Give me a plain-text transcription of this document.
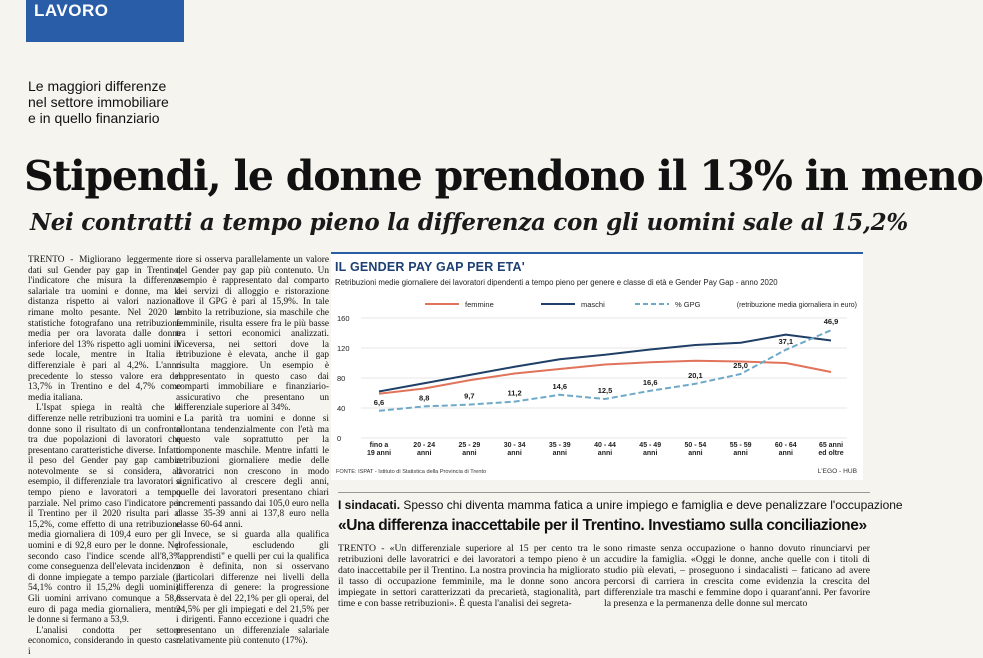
LAVORO
Le maggiori differenze
nel settore immobiliare
e in quello finanziario
Stipendi, le donne prendono il 13% in meno
Nei contratti a tempo pieno la differenza con gli uomini sale al 15,2%

TRENTO - Migliorano leggermente i dati sul Gender pay gap in Trentino, l'indicatore che misura la differenza salariale tra uomini e donne, ma la distanza rispetto ai valori nazionali rimane molto pesante. Nel 2020 le statistiche fotografano una retribuzione media per ora lavorata dalle donne inferiore del 13% rispetto agli uomini in sede locale, mentre in Italia il differenziale è pari al 4,2%. L'anno precedente lo stesso valore era del 13,7% in Trentino e del 4,7% come media italiana.

L'Ispat spiega in realtà che le differenze nelle retribuzioni tra uomini e donne sono il risultato di un confronto tra due popolazioni di lavoratori che presentano caratteristiche diverse. Infatti il peso del Gender pay gap cambia notevolmente se si considera, ad esempio, il differenziale tra lavoratori a tempo pieno e lavoratori a tempo parziale. Nel primo caso l'indicatore per il Trentino per il 2020 risulta pari al 15,2%, come effetto di una retribuzione media giornaliera di 109,4 euro per gli uomini e di 92,8 euro per le donne. Nel secondo caso l'indice scende all'8,3% come conseguenza dell'elevata incidenza di donne impiegate a tempo parziale (il 54,1% contro il 15,2% degli uomini). Gli uomini arrivano comunque a 58,8 euro di paga media giornaliera, mentre le donne si fermano a 53,9.

L'analisi condotta per settore economico, considerando in questo caso i

nore si osserva parallelamente un valore del Gender pay gap più contenuto. Un esempio è rappresentato dal comparto dei servizi di alloggio e ristorazione dove il GPG è pari al 15,9%. In tale ambito la retribuzione, sia maschile che femminile, risulta essere fra le più basse tra i settori economici analizzati. Viceversa, nei settori dove la retribuzione è elevata, anche il gap risulta maggiore. Un esempio è rappresentato in questo caso dai comparti immobiliare e finanziario-assicurativo che presentano un differenziale superiore al 34%.

La parità tra uomini e donne si allontana tendenzialmente con l'età ma questo vale soprattutto per la componente maschile. Mentre infatti le retribuzioni giornaliere medie delle lavoratrici non crescono in modo significativo al crescere degli anni, quelle dei lavoratori presentano chiari incrementi passando dai 105,0 euro nella classe 35-39 anni ai 137,8 euro nella classe 60-64 anni.

Invece, se si guarda alla qualifica professionale, escludendo gli "apprendisti" e quelli per cui la qualifica non è definita, non si osservano particolari differenze nei livelli della differenza di genere: la progressione osservata è del 22,1% per gli operai, del 24,5% per gli impiegati e del 21,5% per i dirigenti. Fanno eccezione i quadri che presentano un differenziale salariale relativamente più contenuto (17%).

IL GENDER PAY GAP PER ETA'
Retribuzioni medie giornaliere dei lavoratori dipendenti a tempo pieno per genere e classe di età e Gender Pay Gap - anno 2020
0
40
80
120
160
fino a
19 anni
20 - 24
anni
25 - 29
anni
30 - 34
anni
35 - 39
anni
40 - 44
anni
45 - 49
anni
50 - 54
anni
55 - 59
anni
60 - 64
anni
65 anni
ed oltre
femmine	maschi	% GPG	(retribuzione media giornaliera in euro)
6,6	8,8	9,7	11,2
14,6	12,5
16,6
20,1
25,0
37,1
46,9
FONTE: ISPAT - Istituto di Statistica della Provincia di Trento	L'EGO - HUB
I sindacati. Spesso chi diventa mamma fatica a unire impiego e famiglia e deve penalizzare l'occupazione
«Una differenza inaccettabile per il Trentino. Investiamo sulla conciliazione»
TRENTO - «Un differenziale superiore al 15 per cento tra le retribuzioni delle lavoratrici e dei lavoratori a tempo pieno è un dato inaccettabile per il Trentino. La nostra provincia ha migliorato il tasso di occupazione femminile, ma le donne sono ancora impiegate in settori caratterizzati da precarietà, stagionalità, part time e con basse retribuzioni». È questa l'analisi dei segreta-
sono rimaste senza occupazione o hanno dovuto rinunciarvi per accudire la famiglia. «Oggi le donne, anche quelle con i titoli di studio più elevati, – proseguono i sindacalisti – faticano ad avere percorsi di carriera in crescita come evidenzia la crescita del differenziale tra maschi e femmine dopo i quarant'anni. Per favorire la presenza e la permanenza delle donne sul mercato
